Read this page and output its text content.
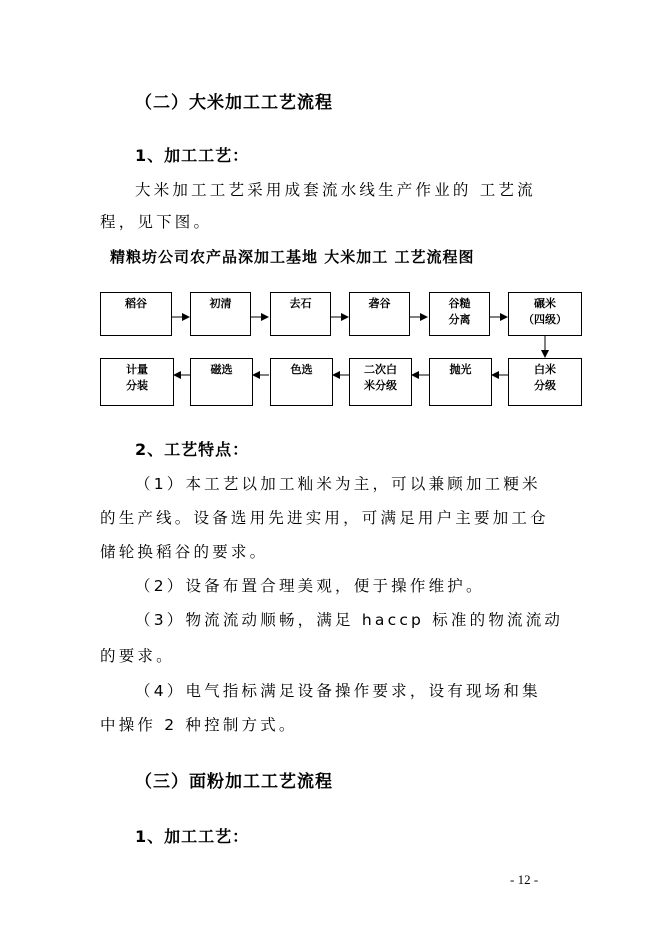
（二）大米加工工艺流程

1、加工工艺：

大米加工工艺采用成套流水线生产作业的 工艺流

程，见下图。

精粮坊公司农产品深加工基地 大米加工 工艺流程图

稻谷	初清	去石	砻谷	谷糙
分离
碾米
（四级）
计量
分装
磁选	色选	二次白
米分级
抛光	白米
分级

2、工艺特点：

（1）本工艺以加工籼米为主，可以兼顾加工粳米

的生产线。设备选用先进实用，可满足用户主要加工仓

储轮换稻谷的要求。

（2）设备布置合理美观，便于操作维护。

（3）物流流动顺畅，满足 haccp 标准的物流流动

的要求。

（4）电气指标满足设备操作要求，设有现场和集

中操作 2 种控制方式。

（三）面粉加工工艺流程

1、加工工艺：

- 12 -
